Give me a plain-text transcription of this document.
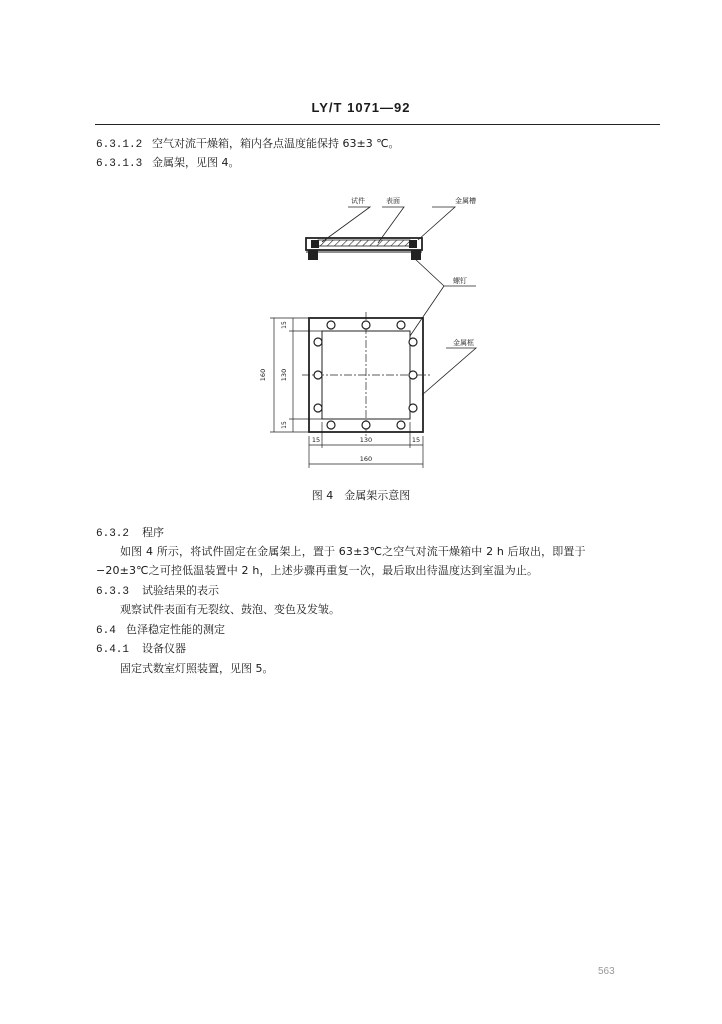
LY/T 1071—92
6.3.1.2 空气对流干燥箱，箱内各点温度能保持 63±3 ℃。
6.3.1.3 金属架，见图 4。
试件	表面	金属槽
螺钉
金属框
160 130
15
15
15	130	15
160
图 4　金属架示意图
6.3.2 程序
如图 4 所示，将试件固定在金属架上，置于 63±3℃之空气对流干燥箱中 2 h 后取出，即置于
−20±3℃之可控低温装置中 2 h，上述步骤再重复一次，最后取出待温度达到室温为止。
6.3.3 试验结果的表示
观察试件表面有无裂纹、鼓泡、变色及发皱。
6.4 色泽稳定性能的测定
6.4.1 设备仪器
固定式数室灯照装置，见图 5。
563
